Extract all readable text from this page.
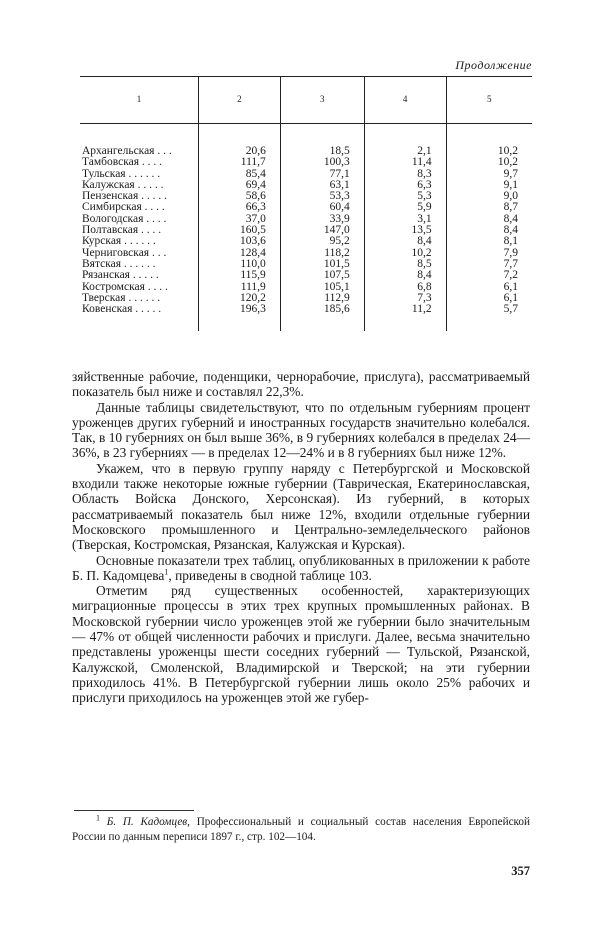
Продолжение
1	2	3	4	5
Архангельская . . .	20,6	18,5	2,1	10,2
Тамбовская . . . .	111,7	100,3	11,4	10,2
Тульская . . . . . .	85,4	77,1	8,3	9,7
Калужская . . . . .	69,4	63,1	6,3	9,1
Пензенская . . . . .	58,6	53,3	5,3	9,0
Симбирская . . . .	66,3	60,4	5,9	8,7
Вологодская . . . .	37,0	33,9	3,1	8,4
Полтавская . . . .	160,5	147,0	13,5	8,4
Курская . . . . . .	103,6	95,2	8,4	8,1
Черниговская . . .	128,4	118,2	10,2	7,9
Вятская . . . . . .	110,0	101,5	8,5	7,7
Рязанская . . . . .	115,9	107,5	8,4	7,2
Костромская . . . .	111,9	105,1	6,8	6,1
Тверская . . . . . .	120,2	112,9	7,3	6,1
Ковенская . . . . .	196,3	185,6	11,2	5,7

зяйственные рабочие, поденщики, чернорабочие, прислуга), рассматриваемый показатель был ниже и составлял 22,3%.

Данные таблицы свидетельствуют, что по отдельным губерниям процент уроженцев других губерний и иностранных государств значительно колебался. Так, в 10 губерниях он был выше 36%, в 9 губерниях колебался в пределах 24—36%, в 23 губерниях — в пределах 12—24% и в 8 губерниях был ниже 12%.

Укажем, что в первую группу наряду с Петербургской и Московской входили также некоторые южные губернии (Таврическая, Екатеринославская, Область Войска Донского, Херсонская). Из губерний, в которых рассматриваемый показатель был ниже 12%, входили отдельные губернии Московского промышленного и Центрально-земледельческого районов (Тверская, Костромская, Рязанская, Калужская и Курская).

Основные показатели трех таблиц, опубликованных в приложении к работе Б. П. Кадомцева$^1$, приведены в сводной таблице 103.

Отметим ряд существенных особенностей, характеризующих миграционные процессы в этих трех крупных промышленных районах. В Московской губернии число уроженцев этой же губернии было значительным — 47% от общей численности рабочих и прислуги. Далее, весьма значительно представлены уроженцы шести соседних губерний — Тульской, Рязанской, Калужской, Смоленской, Владимирской и Тверской; на эти губернии приходилось 41%. В Петербургской губернии лишь около 25% рабочих и прислуги приходилось на уроженцев этой же губер-

$^1$ Б. П. Кадомцев, Профессиональный и социальный состав населения Европейской России по данным переписи 1897 г., стр. 102—104.
357
